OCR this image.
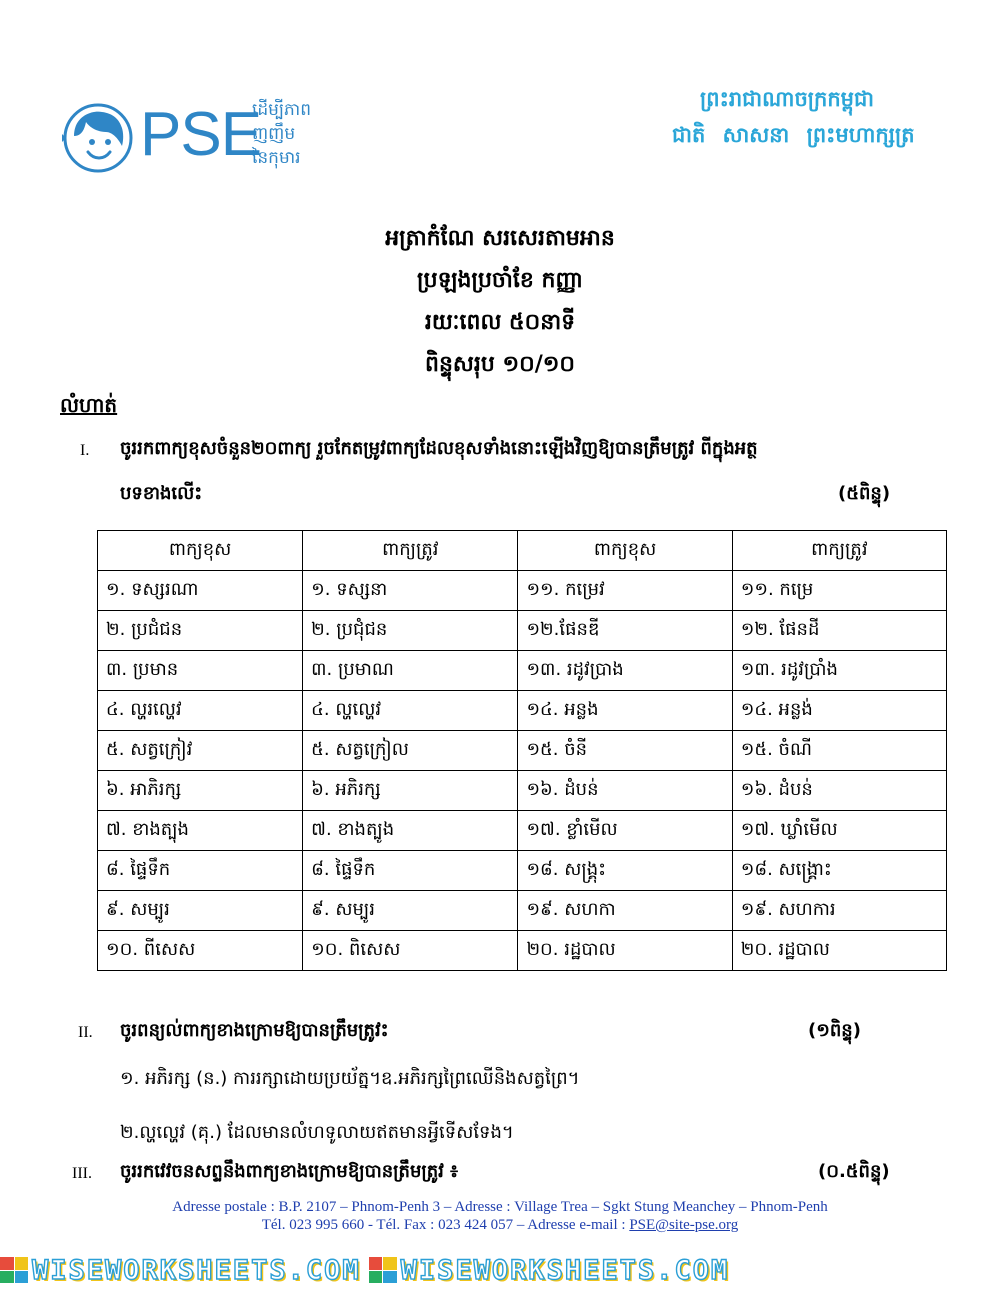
PSE
ដើម្បីភាព
ញញឹម
នៃកុមារ
ព្រះរាជាណាចក្រកម្ពុជា
ជាតិ សាសនា ព្រះមហាក្សត្រ
អត្រាកំណែ សរសេរតាមអាន
ប្រឡងប្រចាំខែ កញ្ញា
រយៈពេល ៥០នាទី
ពិន្ទុសរុប ១០/១០
លំហាត់
I. ចូររកពាក្យខុសចំនួន២០ពាក្យ រួចកែតម្រូវពាក្យដែលខុសទាំងនោះឡើងវិញឱ្យបានត្រឹមត្រូវ ពីក្នុងអត្ថ
បទខាងលើះ	(៥ពិន្ទុ)
ពាក្យខុស	ពាក្យត្រូវ	ពាក្យខុស	ពាក្យត្រូវ
១. ទស្សរណា	១. ទស្សនា	១១. កម្រេវ	១១. កម្រេ
២. ប្រជំជន	២. ប្រជុំជន	១២.ផែនឌី	១២. ផែនដី
៣. ប្រមាន	៣. ប្រមាណ	១៣. រដូវប្រាង	១៣. រដូវប្រាំង
៤. ល្ហរល្ហេវ	៤. ល្ហល្ហេវ	១៤. អន្លង	១៤. អន្លង់
៥. សត្វក្រៀវ	៥. សត្វក្រៀល	១៥. ចំនី	១៥. ចំណី
៦. អាភិរក្ស	៦. អភិរក្ស	១៦. ដំបន់	១៦. ដំបន់
៧. ខាងត្បុង	៧. ខាងត្បូង	១៧. ខ្លាំមើល	១៧. ឃ្លាំមើល
៨. ផ្ទៃទឹក	៨. ផ្ទៃទឹក	១៨. សង្គ្រុះ	១៨. សង្គ្រោះ
៩. សម្បូរ	៩. សម្បូរ	១៩. សហកា	១៩. សហការ
១០. ពីសេស	១០. ពិសេស	២០. រដ្ឋបាល	២០. រដ្ឋបាល
II. ចូរពន្យល់ពាក្យខាងក្រោមឱ្យបានត្រឹមត្រូវះ	(១ពិន្ទុ)
១. អភិរក្ស (ន.) ការរក្សាដោយប្រយ័ត្ន។ឧ.អភិរក្សព្រៃឈើនិងសត្វព្រៃ។
២.ល្ហល្ហេវ (គុ.) ដែលមានលំហទូលាយឥតមានអ្វីទើសទែង។
III. ចូររកវេវចនសព្ទនឹងពាក្យខាងក្រោមឱ្យបានត្រឹមត្រូវ ៖	(០.៥ពិន្ទុ)
Adresse postale : B.P. 2107 – Phnom-Penh 3 – Adresse : Village Trea – Sgkt Stung Meanchey – Phnom-Penh
Tél. 023 995 660 - Tél. Fax : 023 424 057 – Adresse e-mail : PSE@site-pse.org
WISEWORKSHEETS.COM WISEWORKSHEETS.COM
